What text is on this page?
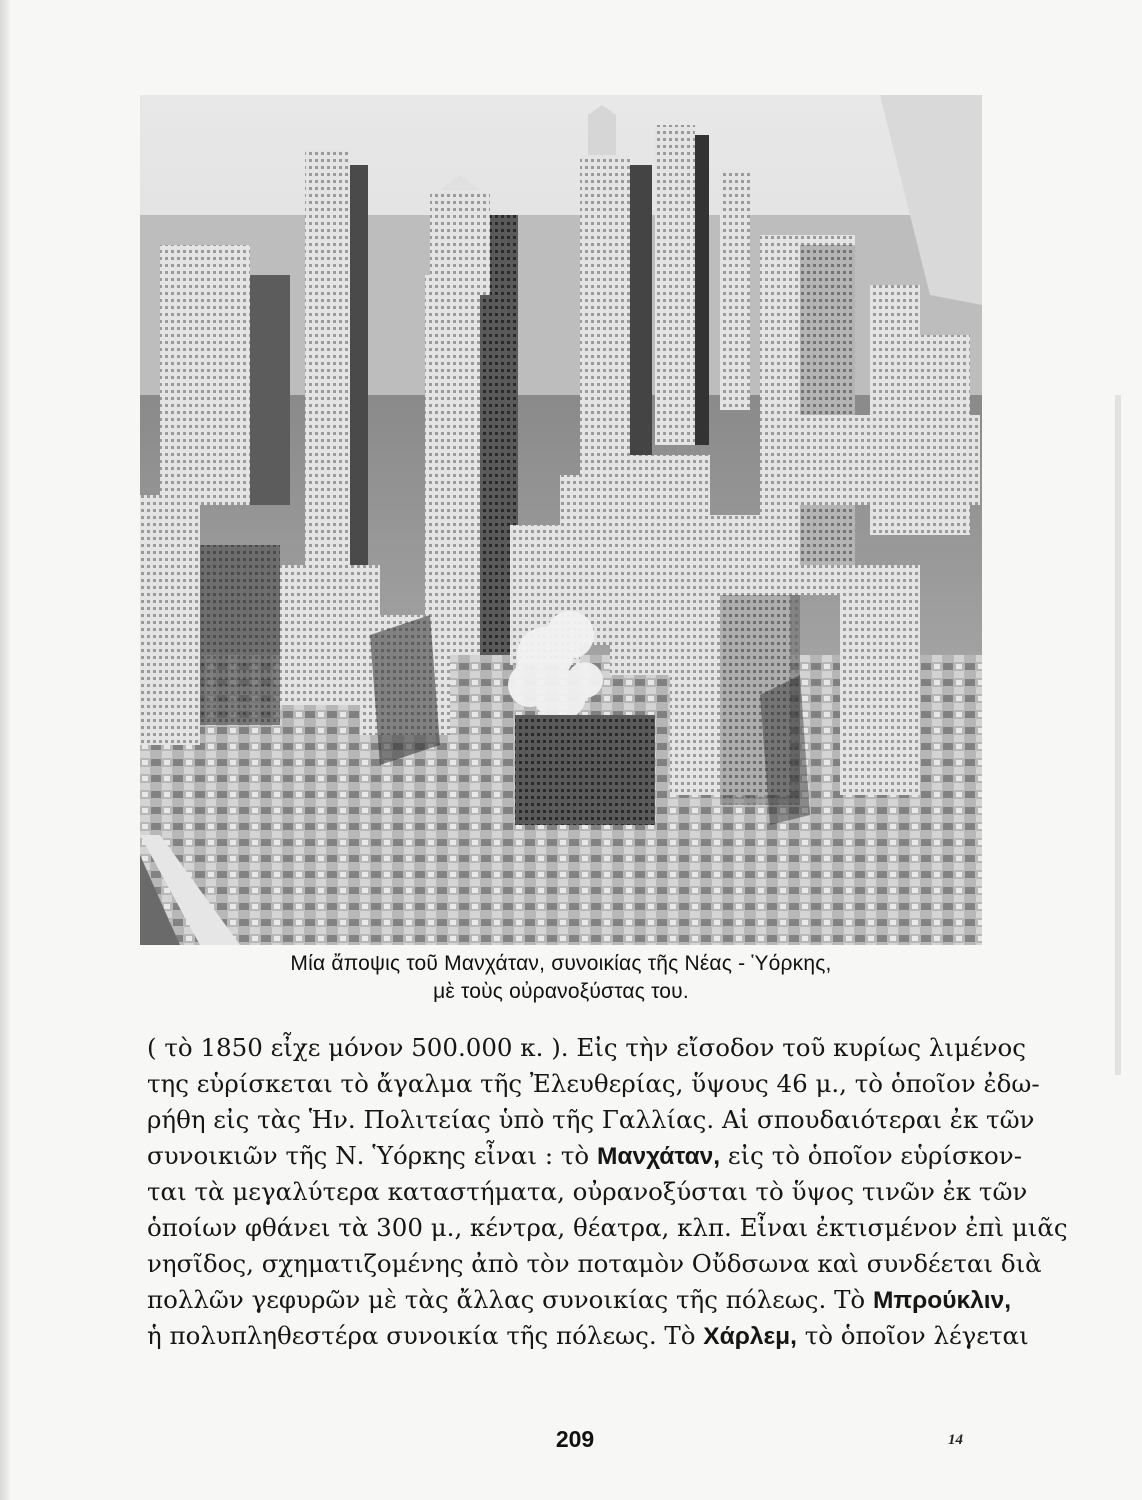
Μία ἄποψις τοῦ Μανχάταν, συνοικίας τῆς Νέας - Ὑόρκης,
μὲ τοὺς οὐρανοξύστας του.
( τὸ 1850 εἶχε μόνον 500.000 κ. ). Εἰς τὴν εἴσοδον τοῦ κυρίως λιμένος
της εὑρίσκεται τὸ ἄγαλμα τῆς Ἐλευθερίας, ὕψους 46 μ., τὸ ὁποῖον ἐδω-
ρήθη εἰς τὰς Ἡν. Πολιτείας ὑπὸ τῆς Γαλλίας. Αἱ σπουδαιότεραι ἐκ τῶν
συνοικιῶν τῆς Ν. Ὑόρκης εἶναι : τὸ Μανχάταν, εἰς τὸ ὁποῖον εὑρίσκον-
ται τὰ μεγαλύτερα καταστήματα, οὐρανοξύσται τὸ ὕψος τινῶν ἐκ τῶν
ὁποίων φθάνει τὰ 300 μ., κέντρα, θέατρα, κλπ. Εἶναι ἐκτισμένον ἐπὶ μιᾶς
νησῖδος, σχηματιζομένης ἀπὸ τὸν ποταμὸν Οὔδσωνα καὶ συνδέεται διὰ
πολλῶν γεφυρῶν μὲ τὰς ἄλλας συνοικίας τῆς πόλεως. Τὸ Μπρούκλιν,
ἡ πολυπληθεστέρα συνοικία τῆς πόλεως. Τὸ Χάρλεμ, τὸ ὁποῖον λέγεται
209	14
